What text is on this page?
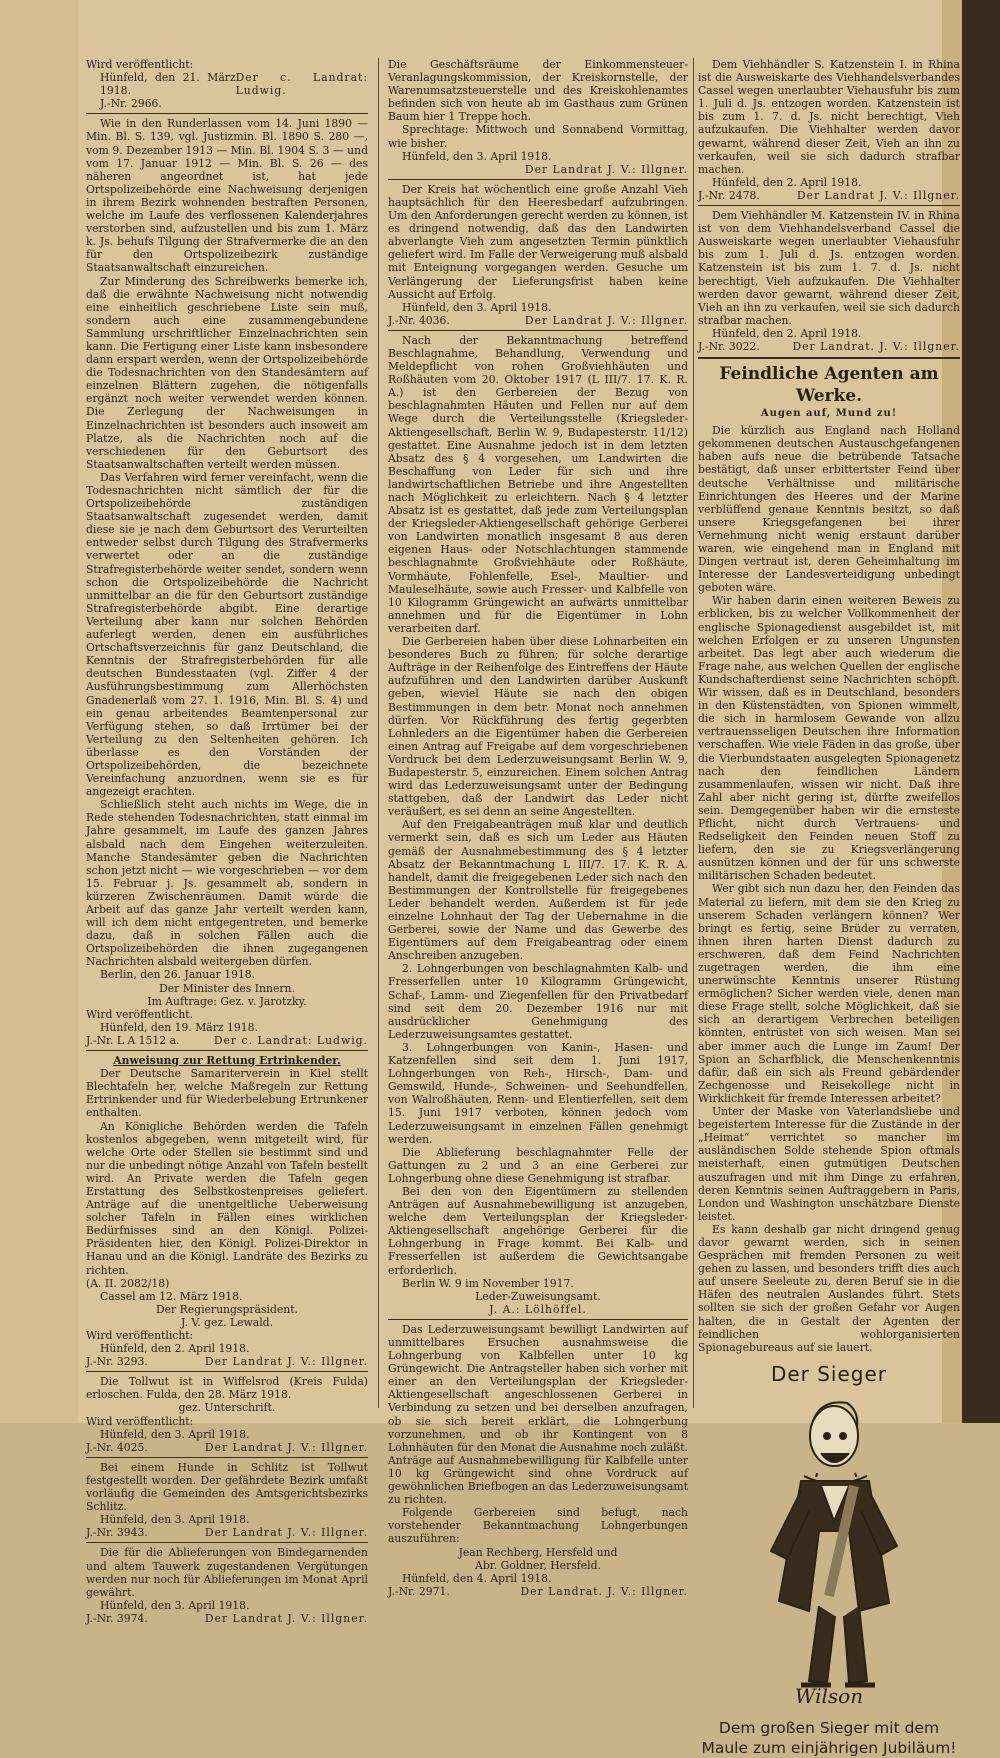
Wird veröffentlicht:

Hünfeld, den 21. März 1918.
Der c. Landrat: Ludwig.

J.-Nr. 2966.

Wie in den Runderlassen vom 14. Juni 1890 — Min. Bl. S. 139, vgl. Justizmin. Bl. 1890 S. 280 —, vom 9. Dezember 1913 — Min. Bl. 1904 S. 3 — und vom 17. Januar 1912 — Min. Bl. S. 26 — des näheren angeordnet ist, hat jede Ortspolizeibehörde eine Nachweisung derjenigen in ihrem Bezirk wohnenden bestraften Personen, welche im Laufe des verflossenen Kalenderjahres verstorben sind, aufzustellen und bis zum 1. März k. Js. behufs Tilgung der Strafvermerke die an den für den Ortspolizeibezirk zuständige Staatsanwaltschaft einzureichen.

Zur Minderung des Schreibwerks bemerke ich, daß die erwähnte Nachweisung nicht notwendig eine einheitlich geschriebene Liste sein muß, sondern auch eine zusammengebundene Sammlung urschriftlicher Einzelnachrichten sein kann. Die Fertigung einer Liste kann insbesondere dann erspart werden, wenn der Ortspolizeibehörde die Todesnachrichten von den Standesämtern auf einzelnen Blättern zugehen, die nötigenfalls ergänzt noch weiter verwendet werden können. Die Zerlegung der Nachweisungen in Einzelnachrichten ist besonders auch insoweit am Platze, als die Nachrichten noch auf die verschiedenen für den Geburtsort des Staatsanwaltschaften verteilt werden müssen.

Das Verfahren wird ferner vereinfacht, wenn die Todesnachrichten nicht sämtlich der für die Ortspolizeibehörde zuständigen Staatsanwaltschaft zugesendet werden, damit diese sie je nach dem Geburtsort des Verurteilten entweder selbst durch Tilgung des Strafvermerks verwertet oder an die zuständige Strafregisterbehörde weiter sendet, sondern wenn schon die Ortspolizeibehörde die Nachricht unmittelbar an die für den Geburtsort zuständige Strafregisterbehörde abgibt. Eine derartige Verteilung aber kann nur solchen Behörden auferlegt werden, denen ein ausführliches Ortschaftsverzeichnis für ganz Deutschland, die Kenntnis der Strafregisterbehörden für alle deutschen Bundesstaaten (vgl. Ziffer 4 der Ausführungsbestimmung zum Allerhöchsten Gnadenerlaß vom 27. 1. 1916, Min. Bl. S. 4) und ein genau arbeitendes Beamtenpersonal zur Verfügung stehen, so daß Irrtümer bei der Verteilung zu den Seltenheiten gehören. Ich überlasse es den Vorständen der Ortspolizeibehörden, die bezeichnete Vereinfachung anzuordnen, wenn sie es für angezeigt erachten.

Schließlich steht auch nichts im Wege, die in Rede stehenden Todesnachrichten, statt einmal im Jahre gesammelt, im Laufe des ganzen Jahres alsbald nach dem Eingehen weiterzuleiten. Manche Standesämter geben die Nachrichten schon jetzt nicht — wie vorgeschrieben — vor dem 15. Februar j. Js. gesammelt ab, sondern in kürzeren Zwischenräumen. Damit würde die Arbeit auf das ganze Jahr verteilt werden kann, will ich dem nicht entgegentreten, und bemerke dazu, daß in solchen Fällen auch die Ortspolizeibehörden die ihnen zugegangenen Nachrichten alsbald weitergeben dürfen.

Berlin, den 26. Januar 1918.

Der Minister des Innern.

Im Auftrage: Gez. v. Jarotzky.

Wird veröffentlicht.

Hünfeld, den 19. März 1918.

J.-Nr. L A 1512 a.	Der c. Landrat: Ludwig.

Anweisung zur Rettung Ertrinkender.

Der Deutsche Samariterverein in Kiel stellt Blechtafeln her, welche Maßregeln zur Rettung Ertrinkender und für Wiederbelebung Ertrunkener enthalten.

An Königliche Behörden werden die Tafeln kostenlos abgegeben, wenn mitgeteilt wird, für welche Orte oder Stellen sie bestimmt sind und nur die unbedingt nötige Anzahl von Tafeln bestellt wird. An Private werden die Tafeln gegen Erstattung des Selbstkostenpreises geliefert. Anträge auf die unentgeltliche Ueberweisung solcher Tafeln in Fällen eines wirklichen Bedürfnisses sind an den Königl. Polizei-Präsidenten hier, den Königl. Polizei-Direktor in Hanau und an die Königl. Landräte des Bezirks zu richten.

(A. II. 2082/18)

Cassel am 12. März 1918.

Der Regierungspräsident.

J. V. gez. Lewald.

Wird veröffentlicht:

Hünfeld, den 2. April 1918.

J.-Nr. 3293.	Der Landrat J. V.: Illgner.

Die Tollwut ist in Wiffelsrod (Kreis Fulda) erloschen. Fulda, den 28. März 1918.

gez. Unterschrift.

Wird veröffentlicht:

Hünfeld, den 3. April 1918.

J.-Nr. 4025.	Der Landrat J. V.: Illgner.

Bei einem Hunde in Schlitz ist Tollwut festgestellt worden. Der gefährdete Bezirk umfaßt vorläufig die Gemeinden des Amtsgerichtsbezirks Schlitz.

Hünfeld, den 3. April 1918.

J.-Nr. 3943.	Der Landrat J. V.: Illgner.

Die für die Ablieferungen von Bindegarnenden und altem Tauwerk zugestandenen Vergütungen werden nur noch für Ablieferungen im Monat April gewährt.

Hünfeld, den 3. April 1918.

J.-Nr. 3974.	Der Landrat J. V.: Illgner.

Die Geschäftsräume der Einkommensteuer-Veranlagungskommission, der Kreiskornstelle, der Warenumsatzsteuerstelle und des Kreiskohlenamtes befinden sich von heute ab im Gasthaus zum Grünen Baum hier 1 Treppe hoch.

Sprechtage: Mittwoch und Sonnabend Vormittag, wie bisher.

Hünfeld, den 3. April 1918.

Der Landrat J. V.: Illgner.

Der Kreis hat wöchentlich eine große Anzahl Vieh hauptsächlich für den Heeresbedarf aufzubringen. Um den Anforderungen gerecht werden zu können, ist es dringend notwendig, daß das den Landwirten abverlangte Vieh zum angesetzten Termin pünktlich geliefert wird. Im Falle der Verweigerung muß alsbald mit Enteignung vorgegangen werden. Gesuche um Verlängerung der Lieferungsfrist haben keine Aussicht auf Erfolg.

Hünfeld, den 3. April 1918.

J.-Nr. 4036.	Der Landrat J. V.: Illgner.

Nach der Bekanntmachung betreffend Beschlagnahme, Behandlung, Verwendung und Meldepflicht von rohen Großviehhäuten und Roßhäuten vom 20. Oktober 1917 (L III/7. 17. K. R. A.) ist den Gerbereien der Bezug von beschlagnahmten Häuten und Fellen nur auf dem Wege durch die Verteilungsstelle (Kriegsleder-Aktiengesellschaft, Berlin W. 9, Budapesterstr. 11/12) gestattet. Eine Ausnahme jedoch ist in dem letzten Absatz des § 4 vorgesehen, um Landwirten die Beschaffung von Leder für sich und ihre landwirtschaftlichen Betriebe und ihre Angestellten nach Möglichkeit zu erleichtern. Nach § 4 letzter Absatz ist es gestattet, daß jede zum Verteilungsplan der Kriegsleder-Aktiengesellschaft gehörige Gerberei von Landwirten monatlich insgesamt 8 aus deren eigenen Haus- oder Notschlachtungen stammende beschlagnahmte Großviehhäute oder Roßhäute, Vormhäute, Fohlenfelle, Esel-, Maultier- und Mauleselhäute, sowie auch Fresser- und Kalbfelle von 10 Kilogramm Grüngewicht an aufwärts unmittelbar annehmen und für die Eigentümer in Lohn verarbeiten darf.

Die Gerbereien haben über diese Lohnarbeiten ein besonderes Buch zu führen; für solche derartige Aufträge in der Reihenfolge des Eintreffens der Häute aufzuführen und den Landwirten darüber Auskunft geben, wieviel Häute sie nach den obigen Bestimmungen in dem betr. Monat noch annehmen dürfen. Vor Rückführung des fertig gegerbten Lohnleders an die Eigentümer haben die Gerbereien einen Antrag auf Freigabe auf dem vorgeschriebenen Vordruck bei dem Lederzuweisungsamt Berlin W. 9, Budapesterstr. 5, einzureichen. Einem solchen Antrag wird das Lederzuweisungsamt unter der Bedingung stattgeben, daß der Landwirt das Leder nicht veräußert, es sei denn an seine Angestellten.

Auf den Freigabeanträgen muß klar und deutlich vermerkt sein, daß es sich um Leder aus Häuten gemäß der Ausnahmebestimmung des § 4 letzter Absatz der Bekanntmachung L III/7. 17. K. R. A. handelt, damit die freigegebenen Leder sich nach den Bestimmungen der Kontrollstelle für freigegebenes Leder behandelt werden. Außerdem ist für jede einzelne Lohnhaut der Tag der Uebernahme in die Gerberei, sowie der Name und das Gewerbe des Eigentümers auf dem Freigabeantrag oder einem Anschreiben anzugeben.

2. Lohngerbungen von beschlagnahmten Kalb- und Fresserfellen unter 10 Kilogramm Grüngewicht, Schaf-, Lamm- und Ziegenfellen für den Privatbedarf sind seit dem 20. Dezember 1916 nur mit ausdrücklicher Genehmigung des Lederzuweisungsamtes gestattet.

3. Lohngerbungen von Kanin-, Hasen- und Katzenfellen sind seit dem 1. Juni 1917, Lohngerbungen von Reh-, Hirsch-, Dam- und Gemswild, Hunde-, Schweinen- und Seehundfellen, von Walroßhäuten, Renn- und Elentierfellen, seit dem 15. Juni 1917 verboten, können jedoch vom Lederzuweisungsamt in einzelnen Fällen genehmigt werden.

Die Ablieferung beschlagnahmter Felle der Gattungen zu 2 und 3 an eine Gerberei zur Lohngerbung ohne diese Genehmigung ist strafbar.

Bei den von den Eigentümern zu stellenden Anträgen auf Ausnahmebewilligung ist anzugeben, welche dem Verteilungsplan der Kriegsleder-Aktiengesellschaft angehörige Gerberei für die Lohngerbung in Frage kommt. Bei Kalb- und Fresserfellen ist außerdem die Gewichtsangabe erforderlich.

Berlin W. 9 im November 1917.

Leder-Zuweisungsamt.

J. A.: Lölhöffel.

Das Lederzuweisungsamt bewilligt Landwirten auf unmittelbares Ersuchen ausnahmsweise die Lohngerbung von Kalbfellen unter 10 kg Grüngewicht. Die Antragsteller haben sich vorher mit einer an den Verteilungsplan der Kriegsleder-Aktiengesellschaft angeschlossenen Gerberei in Verbindung zu setzen und bei derselben anzufragen, ob sie sich bereit erklärt, die Lohngerbung vorzunehmen, und ob ihr Kontingent von 8 Lohnhäuten für den Monat die Ausnahme noch zuläßt. Anträge auf Ausnahmebewilligung für Kalbfelle unter 10 kg Grüngewicht sind ohne Vordruck auf gewöhnlichen Briefbogen an das Lederzuweisungsamt zu richten.

Folgende Gerbereien sind befugt, nach vorstehender Bekanntmachung Lohngerbungen auszuführen:

Jean Rechberg, Hersfeld und

Abr. Goldner, Hersfeld.

Hünfeld, den 4. April 1918.

J.-Nr. 2971.	Der Landrat. J. V.: Illgner.

Dem Viehhändler S. Katzenstein I. in Rhina ist die Ausweiskarte des Viehhandelsverbandes Cassel wegen unerlaubter Viehausfuhr bis zum 1. Juli d. Js. entzogen worden. Katzenstein ist bis zum 1. 7. d. Js. nicht berechtigt, Vieh aufzukaufen. Die Viehhalter werden davor gewarnt, während dieser Zeit, Vieh an ihn zu verkaufen, weil sie sich dadurch strafbar machen.

Hünfeld, den 2. April 1918.

J.-Nr. 2478.	Der Landrat J. V.: Illgner.

Dem Viehhändler M. Katzenstein IV. in Rhina ist von dem Viehhandelsverband Cassel die Ausweiskarte wegen unerlaubter Viehausfuhr bis zum 1. Juli d. Js. entzogen worden. Katzenstein ist bis zum 1. 7. d. Js. nicht berechtigt, Vieh aufzukaufen. Die Viehhalter werden davor gewarnt, während dieser Zeit, Vieh an ihn zu verkaufen, weil sie sich dadurch strafbar machen.

Hünfeld, den 2. April 1918.

J.-Nr. 3022.	Der Landrat. J. V.: Illgner.

Feindliche Agenten am Werke.

Augen auf, Mund zu!

Die kürzlich aus England nach Holland gekommenen deutschen Austauschgefangenen haben aufs neue die betrübende Tatsache bestätigt, daß unser erbittertster Feind über deutsche Verhältnisse und militärische Einrichtungen des Heeres und der Marine verblüffend genaue Kenntnis besitzt, so daß unsere Kriegsgefangenen bei ihrer Vernehmung nicht wenig erstaunt darüber waren, wie eingehend man in England mit Dingen vertraut ist, deren Geheimhaltung im Interesse der Landesverteidigung unbedingt geboten wäre.

Wir haben darin einen weiteren Beweis zu erblicken, bis zu welcher Vollkommenheit der englische Spionagedienst ausgebildet ist, mit welchen Erfolgen er zu unseren Ungunsten arbeitet. Das legt aber auch wiederum die Frage nahe, aus welchen Quellen der englische Kundschafterdienst seine Nachrichten schöpft. Wir wissen, daß es in Deutschland, besonders in den Küstenstädten, von Spionen wimmelt, die sich in harmlosem Gewande von allzu vertrauensseligen Deutschen ihre Information verschaffen. Wie viele Fäden in das große, über die Vierbundstaaten ausgelegten Spionagenetz nach den feindlichen Ländern zusammenlaufen, wissen wir nicht. Daß ihre Zahl aber nicht gering ist, dürfte zweifellos sein. Demgegenüber haben wir die ernsteste Pflicht, nicht durch Vertrauens- und Redseligkeit den Feinden neuen Stoff zu liefern, den sie zu Kriegsverlängerung ausnützen können und der für uns schwerste militärischen Schaden bedeutet.

Wer gibt sich nun dazu her, den Feinden das Material zu liefern, mit dem sie den Krieg zu unserem Schaden verlängern können? Wer bringt es fertig, seine Brüder zu verraten, ihnen ihren harten Dienst dadurch zu erschweren, daß dem Feind Nachrichten zugetragen werden, die ihm eine unerwünschte Kenntnis unserer Rüstung ermöglichen? Sicher werden viele, denen man diese Frage stellt, solche Möglichkeit, daß sie sich an derartigem Verbrechen beteiligen könnten, entrüstet von sich weisen. Man sei aber immer auch die Lunge im Zaum! Der Spion an Scharfblick, die Menschenkenntnis dafür, daß ein sich als Freund gebärdender Zechgenosse und Reisekollege nicht in Wirklichkeit für fremde Interessen arbeitet?

Unter der Maske von Vaterlandsliebe und begeistertem Interesse für die Zustände in der „Heimat“ verrichtet so mancher im ausländischen Solde stehende Spion oftmals meisterhaft, einen gutmütigen Deutschen auszufragen und mit ihm Dinge zu erfahren, deren Kenntnis seinen Auftraggebern in Paris, London und Washington unschätzbare Dienste leistet.

Es kann deshalb gar nicht dringend genug davor gewarnt werden, sich in seinen Gesprächen mit fremden Personen zu weit gehen zu lassen, und besonders trifft dies auch auf unsere Seeleute zu, deren Beruf sie in die Häfen des neutralen Auslandes führt. Stets sollten sie sich der großen Gefahr vor Augen halten, die in Gestalt der Agenten der feindlichen wohlorganisierten Spionagebureaus auf sie lauert.

Der Sieger
Wilson
Dem großen Sieger mit dem Maule zum einjährigen Jubiläum!
